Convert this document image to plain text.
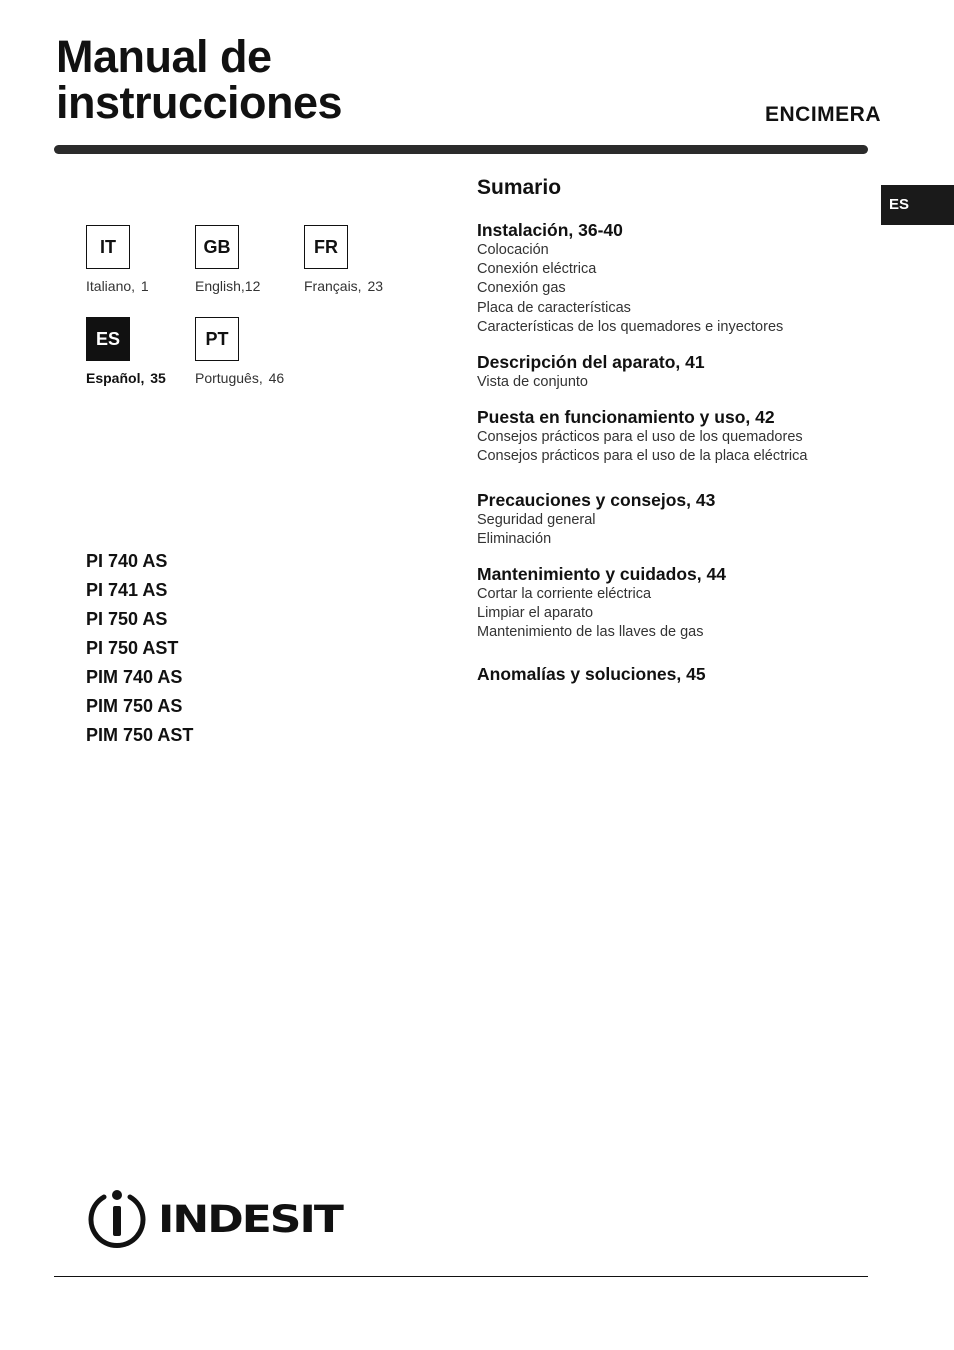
Manual de
instrucciones	ENCIMERA
ES
IT
Italiano, 1
GB
English,12
FR
Français, 23
ES
Español, 35
PT
Português, 46
PI 740 AS
PI 741 AS
PI 750 AS
PI 750 AST
PIM 740 AS
PIM 750 AS
PIM 750 AST
Sumario
Instalación, 36-40
Colocación
Conexión eléctrica
Conexión gas
Placa de características
Características de los quemadores e inyectores
Descripción del aparato, 41
Vista de conjunto
Puesta en funcionamiento y uso, 42
Consejos prácticos para el uso de los quemadores
Consejos prácticos para el uso de la placa eléctrica
Precauciones y consejos, 43
Seguridad general
Eliminación
Mantenimiento y cuidados, 44
Cortar la corriente eléctrica
Limpiar el aparato
Mantenimiento de las llaves de gas
Anomalías y soluciones, 45
INDESIT
